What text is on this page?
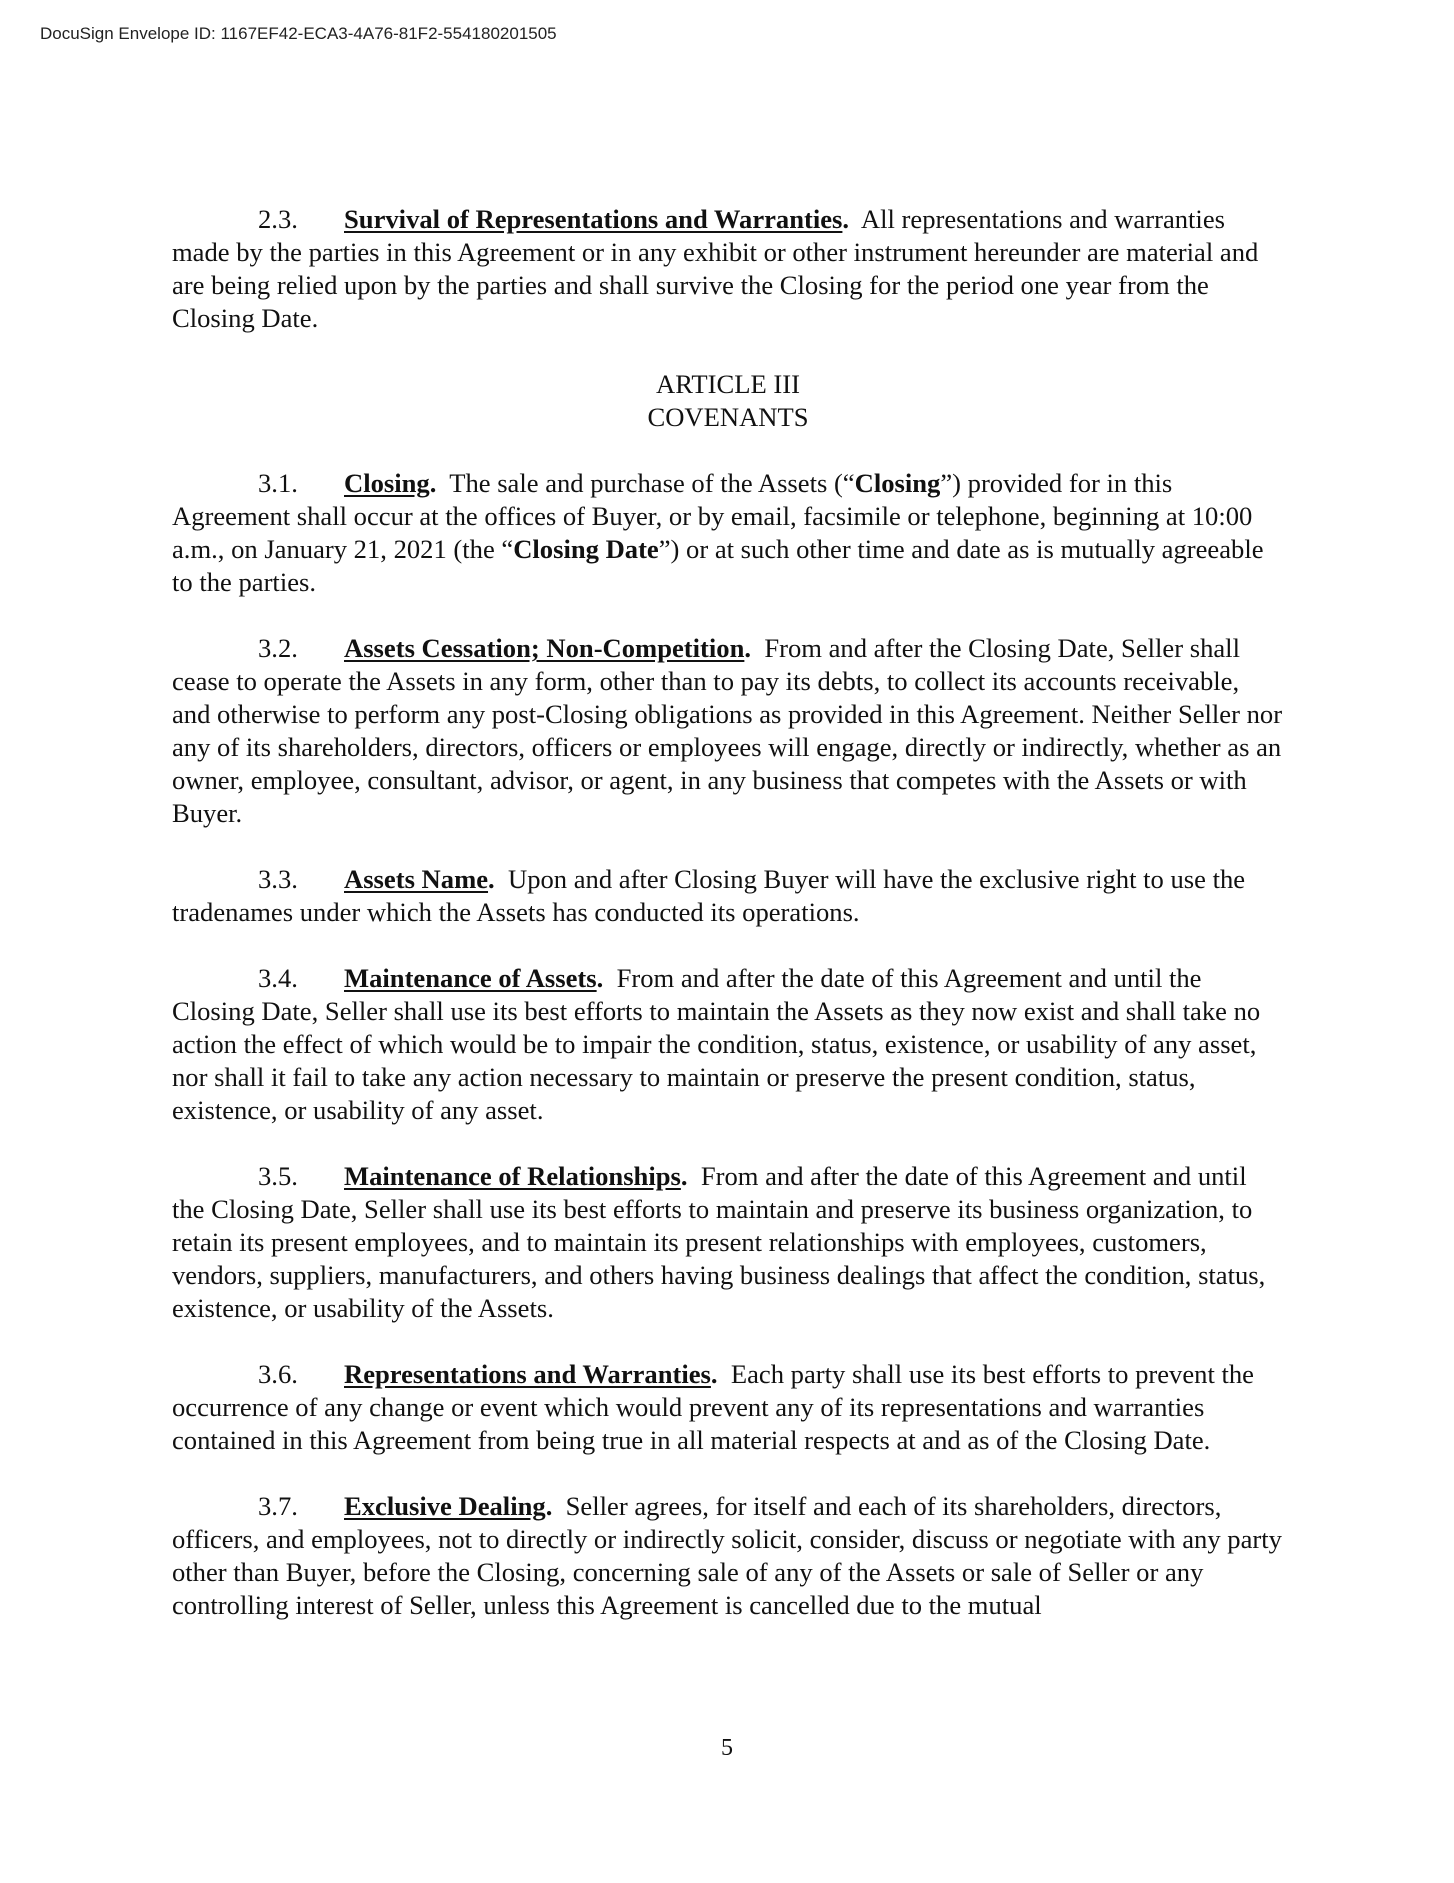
DocuSign Envelope ID: 1167EF42-ECA3-4A76-81F2-554180201505

2.3. Survival of Representations and Warranties. All representations and warranties made by the parties in this Agreement or in any exhibit or other instrument hereunder are material and are being relied upon by the parties and shall survive the Closing for the period one year from the Closing Date.

ARTICLE III
COVENANTS

3.1. Closing. The sale and purchase of the Assets (“Closing”) provided for in this Agreement shall occur at the offices of Buyer, or by email, facsimile or telephone, beginning at 10:00 a.m., on January 21, 2021 (the “Closing Date”) or at such other time and date as is mutually agreeable to the parties.

3.2. Assets Cessation; Non-Competition. From and after the Closing Date, Seller shall cease to operate the Assets in any form, other than to pay its debts, to collect its accounts receivable, and otherwise to perform any post-Closing obligations as provided in this Agreement. Neither Seller nor any of its shareholders, directors, officers or employees will engage, directly or indirectly, whether as an owner, employee, consultant, advisor, or agent, in any business that competes with the Assets or with Buyer.

3.3. Assets Name. Upon and after Closing Buyer will have the exclusive right to use the tradenames under which the Assets has conducted its operations.

3.4. Maintenance of Assets. From and after the date of this Agreement and until the Closing Date, Seller shall use its best efforts to maintain the Assets as they now exist and shall take no action the effect of which would be to impair the condition, status, existence, or usability of any asset, nor shall it fail to take any action necessary to maintain or preserve the present condition, status, existence, or usability of any asset.

3.5. Maintenance of Relationships. From and after the date of this Agreement and until the Closing Date, Seller shall use its best efforts to maintain and preserve its business organization, to retain its present employees, and to maintain its present relationships with employees, customers, vendors, suppliers, manufacturers, and others having business dealings that affect the condition, status, existence, or usability of the Assets.

3.6. Representations and Warranties. Each party shall use its best efforts to prevent the occurrence of any change or event which would prevent any of its representations and warranties contained in this Agreement from being true in all material respects at and as of the Closing Date.

3.7. Exclusive Dealing. Seller agrees, for itself and each of its shareholders, directors, officers, and employees, not to directly or indirectly solicit, consider, discuss or negotiate with any party other than Buyer, before the Closing, concerning sale of any of the Assets or sale of Seller or any controlling interest of Seller, unless this Agreement is cancelled due to the mutual

5
